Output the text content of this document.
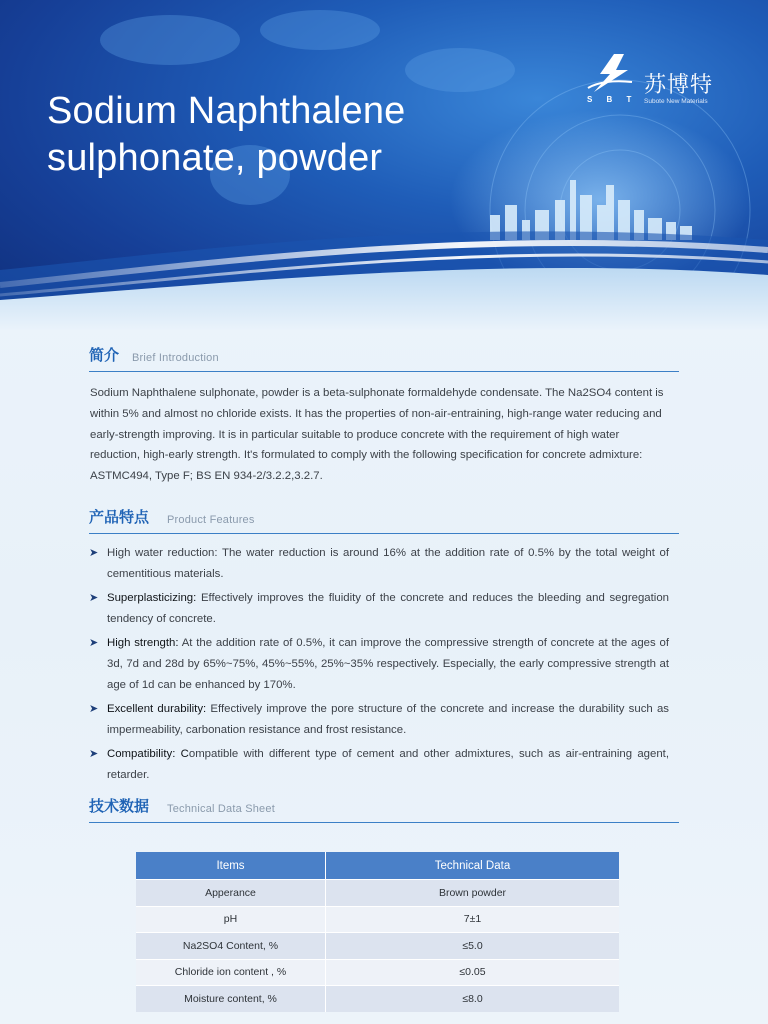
Sodium Naphthalene
sulphonate, powder
S B T
苏博特
Subote New Materials
简介 Brief Introduction

Sodium Naphthalene sulphonate, powder is a beta-sulphonate formaldehyde condensate. The Na2SO4 content is within 5% and almost no chloride exists. It has the properties of non-air-entraining, high-range water reducing and early-strength improving. It is in particular suitable to produce concrete with the requirement of high water reduction, high-early strength. It's formulated to comply with the following specification for concrete admixture: ASTMC494, Type F; BS EN 934-2/3.2.2,3.2.7.

产品特点 Product Features
➤ High water reduction: The water reduction is around 16% at the addition rate of 0.5% by the total weight of cementitious materials.
➤ Superplasticizing: Effectively improves the fluidity of the concrete and reduces the bleeding and segregation tendency of concrete.
➤ High strength: At the addition rate of 0.5%, it can improve the compressive strength of concrete at the ages of 3d, 7d and 28d by 65%~75%, 45%~55%, 25%~35% respectively. Especially, the early compressive strength at age of 1d can be enhanced by 170%.
➤ Excellent durability: Effectively improve the pore structure of the concrete and increase the durability such as impermeability, carbonation resistance and frost resistance.
➤ Compatibility: Compatible with different type of cement and other admixtures, such as air-entraining agent, retarder.
技术数据 Technical Data Sheet
Items	Technical Data
Apperance	Brown powder
pH	7±1
Na2SO4 Content, %	≤5.0
Chloride ion content , %	≤0.05
Moisture content, %	≤8.0
